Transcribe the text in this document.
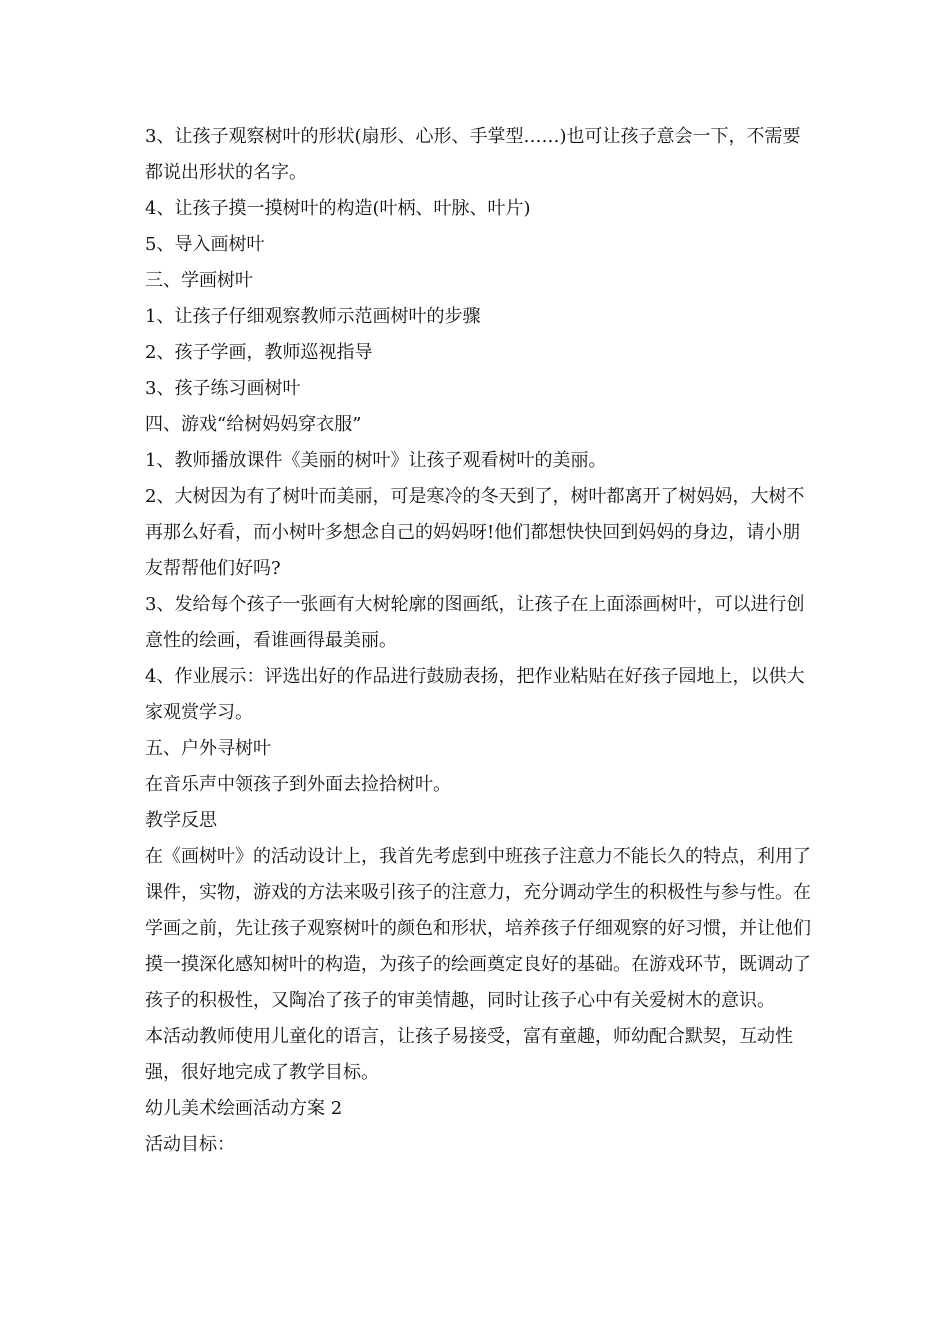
3、让孩子观察树叶的形状(扇形、心形、手掌型……)也可让孩子意会一下，不需要都说出形状的名字。

4、让孩子摸一摸树叶的构造(叶柄、叶脉、叶片)

5、导入画树叶

三、学画树叶

1、让孩子仔细观察教师示范画树叶的步骤

2、孩子学画，教师巡视指导

3、孩子练习画树叶

四、游戏“给树妈妈穿衣服”

1、教师播放课件《美丽的树叶》让孩子观看树叶的美丽。

2、大树因为有了树叶而美丽，可是寒冷的冬天到了，树叶都离开了树妈妈，大树不再那么好看，而小树叶多想念自己的妈妈呀!他们都想快快回到妈妈的身边，请小朋友帮帮他们好吗?

3、发给每个孩子一张画有大树轮廓的图画纸，让孩子在上面添画树叶，可以进行创意性的绘画，看谁画得最美丽。

4、作业展示：评选出好的作品进行鼓励表扬，把作业粘贴在好孩子园地上，以供大家观赏学习。

五、户外寻树叶

在音乐声中领孩子到外面去捡拾树叶。

教学反思

在《画树叶》的活动设计上，我首先考虑到中班孩子注意力不能长久的特点，利用了课件，实物，游戏的方法来吸引孩子的注意力，充分调动学生的积极性与参与性。在学画之前，先让孩子观察树叶的颜色和形状，培养孩子仔细观察的好习惯，并让他们摸一摸深化感知树叶的构造，为孩子的绘画奠定良好的基础。在游戏环节，既调动了孩子的积极性，又陶冶了孩子的审美情趣，同时让孩子心中有关爱树木的意识。

本活动教师使用儿童化的语言，让孩子易接受，富有童趣，师幼配合默契，互动性强，很好地完成了教学目标。

幼儿美术绘画活动方案 2

活动目标：
